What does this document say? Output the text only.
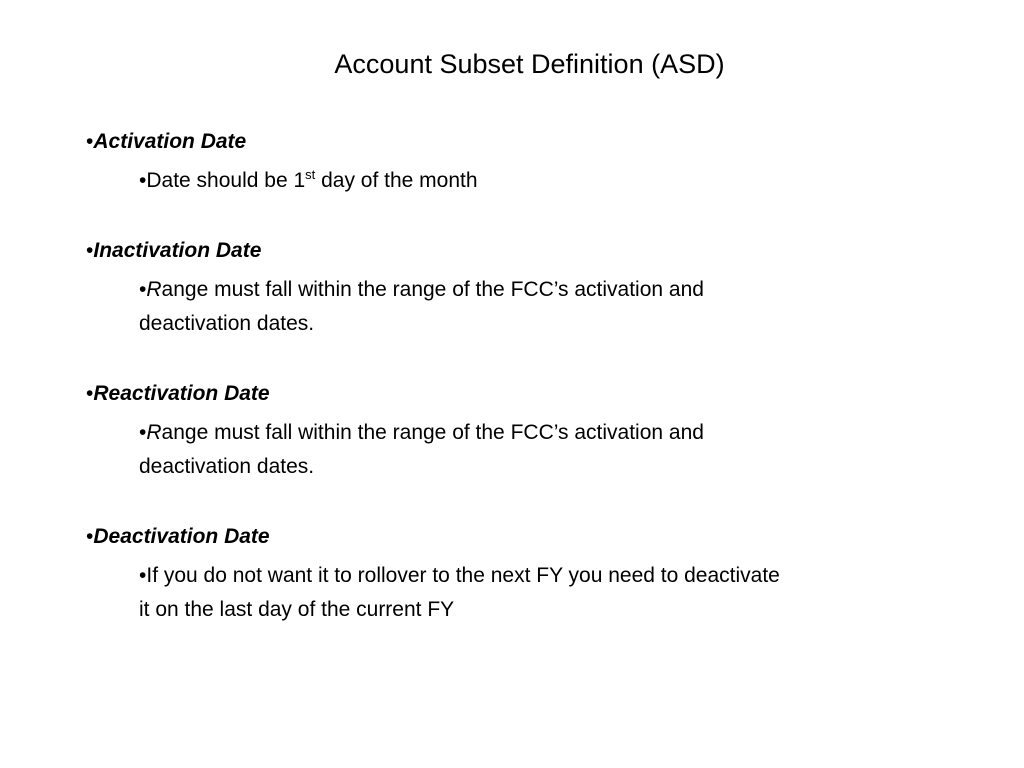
Account Subset Definition (ASD)
•Activation Date
•Date should be 1st day of the month
•Inactivation Date
•Range must fall within the range of the FCC’s activation and
deactivation dates.
•Reactivation Date
•Range must fall within the range of the FCC’s activation and
deactivation dates.
•Deactivation Date
•If you do not want it to rollover to the next FY you need to deactivate
it on the last day of the current FY
